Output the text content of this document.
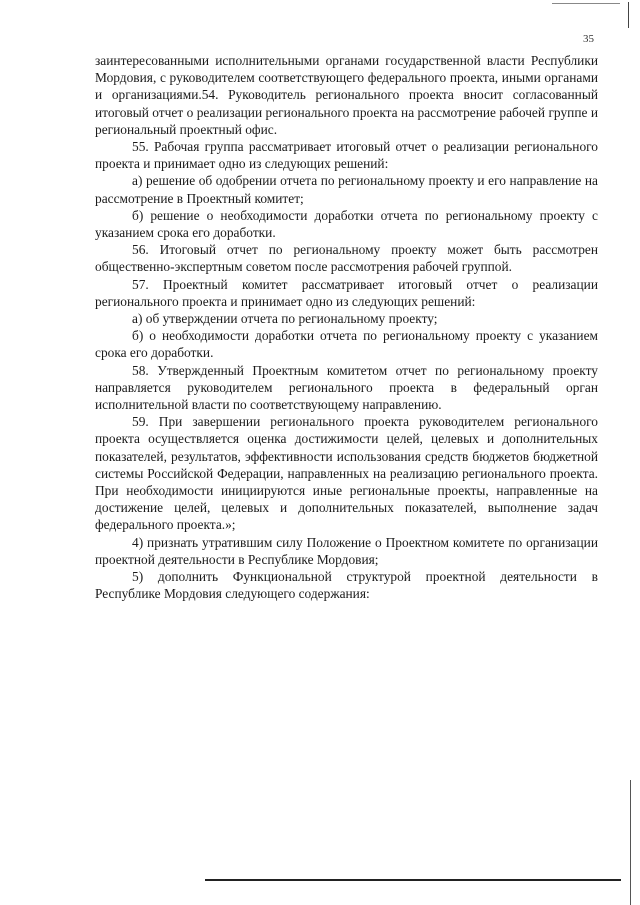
35

заинтересованными исполнительными органами государственной власти Республики Мордовия, с руководителем соответствующего федерального проекта, иными органами и организациями.54. Руководитель регионального проекта вносит согласованный итоговый отчет о реализации регионального проекта на рассмотрение рабочей группе и региональный проектный офис.

55. Рабочая группа рассматривает итоговый отчет о реализации регионального проекта и принимает одно из следующих решений:

а) решение об одобрении отчета по региональному проекту и его направление на рассмотрение в Проектный комитет;

б) решение о необходимости доработки отчета по региональному проекту с указанием срока его доработки.

56. Итоговый отчет по региональному проекту может быть рассмотрен общественно-экспертным советом после рассмотрения рабочей группой.

57. Проектный комитет рассматривает итоговый отчет о реализации регионального проекта и принимает одно из следующих решений:

а) об утверждении отчета по региональному проекту;

б) о необходимости доработки отчета по региональному проекту с указанием срока его доработки.

58. Утвержденный Проектным комитетом отчет по региональному проекту направляется руководителем регионального проекта в федеральный орган исполнительной власти по соответствующему направлению.

59. При завершении регионального проекта руководителем регионального проекта осуществляется оценка достижимости целей, целевых и дополнительных показателей, результатов, эффективности использования средств бюджетов бюджетной системы Российской Федерации, направленных на реализацию регионального проекта. При необходимости инициируются иные региональные проекты, направленные на достижение целей, целевых и дополнительных показателей, выполнение задач федерального проекта.»;

4) признать утратившим силу Положение о Проектном комитете по организации проектной деятельности в Республике Мордовия;

5) дополнить Функциональной структурой проектной деятельности в Республике Мордовия следующего содержания:
